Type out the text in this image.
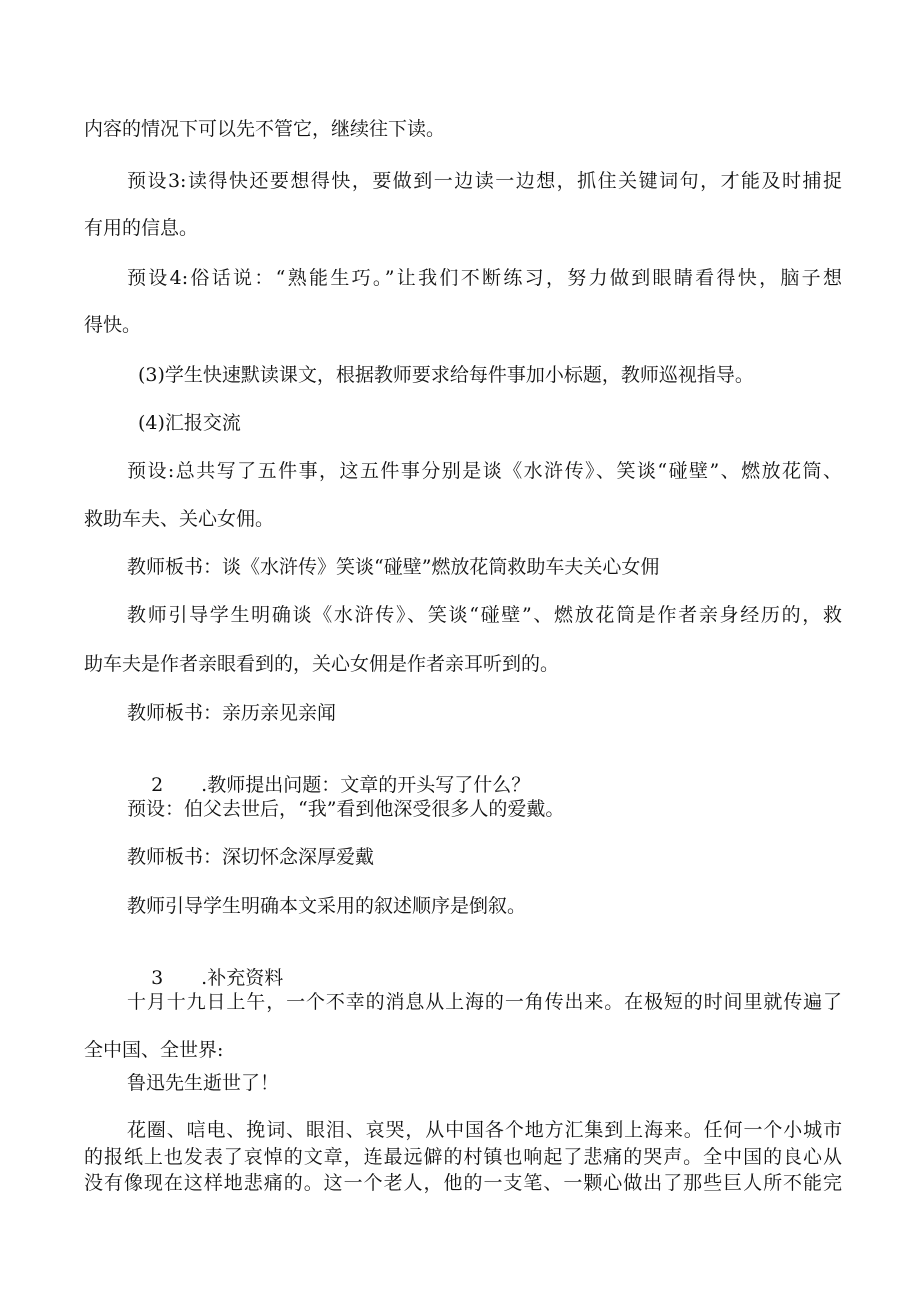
内容的情况下可以先不管它，继续往下读。
预设3:读得快还要想得快，要做到一边读一边想，抓住关键词句，才能及时捕捉
有用的信息。
预设4:俗话说：“熟能生巧。”让我们不断练习，努力做到眼睛看得快，脑子想
得快。
(3)学生快速默读课文，根据教师要求给每件事加小标题，教师巡视指导。
(4)汇报交流
预设:总共写了五件事，这五件事分别是谈《水浒传》、笑谈“碰壁”、燃放花筒、
救助车夫、关心女佣。
教师板书：谈《水浒传》笑谈“碰壁”燃放花筒救助车夫关心女佣
教师引导学生明确谈《水浒传》、笑谈“碰壁”、燃放花筒是作者亲身经历的，救
助车夫是作者亲眼看到的，关心女佣是作者亲耳听到的。
教师板书：亲历亲见亲闻

2 .教师提出问题：文章的开头写了什么？

预设：伯父去世后，“我”看到他深受很多人的爱戴。
教师板书：深切怀念深厚爱戴
教师引导学生明确本文采用的叙述顺序是倒叙。

3 .补充资料

十月十九日上午，一个不幸的消息从上海的一角传出来。在极短的时间里就传遍了
全中国、全世界:
鲁迅先生逝世了！
花圈、唁电、挽词、眼泪、哀哭，从中国各个地方汇集到上海来。任何一个小城市
的报纸上也发表了哀悼的文章，连最远僻的村镇也响起了悲痛的哭声。全中国的良心从
没有像现在这样地悲痛的。这一个老人，他的一支笔、一颗心做出了那些巨人所不能完
